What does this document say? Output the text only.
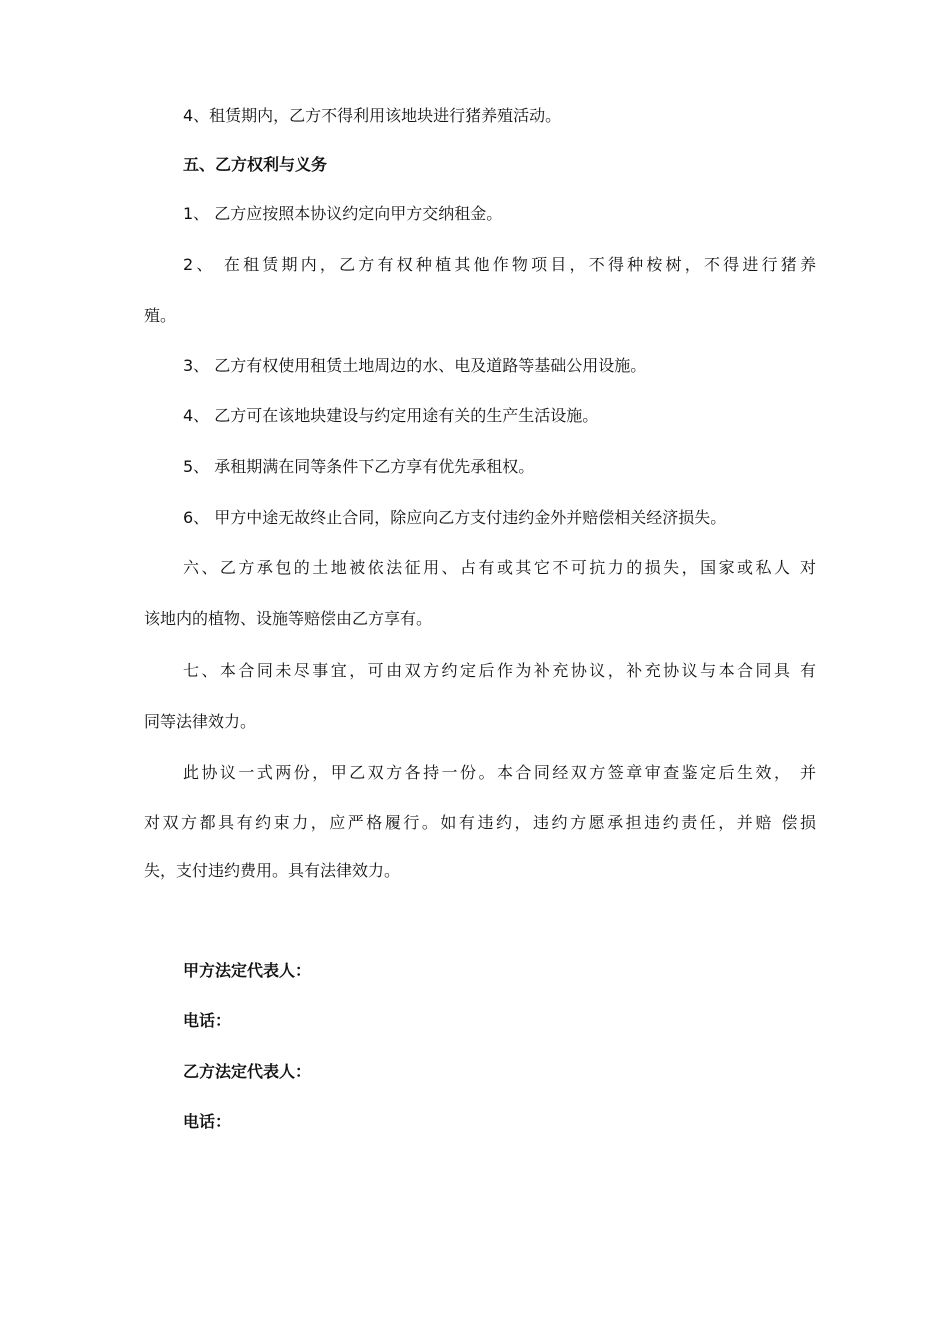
4、租赁期内，乙方不得利用该地块进行猪养殖活动。
五、乙方权利与义务
1、 乙方应按照本协议约定向甲方交纳租金。
2、 在租赁期内，乙方有权种植其他作物项目，不得种桉树，不得进行猪养
殖。
3、 乙方有权使用租赁土地周边的水、电及道路等基础公用设施。
4、 乙方可在该地块建设与约定用途有关的生产生活设施。
5、 承租期满在同等条件下乙方享有优先承租权。
6、 甲方中途无故终止合同，除应向乙方支付违约金外并赔偿相关经济损失。
六、乙方承包的土地被依法征用、占有或其它不可抗力的损失，国家或私人 对
该地内的植物、设施等赔偿由乙方享有。
七、本合同未尽事宜，可由双方约定后作为补充协议，补充协议与本合同具 有
同等法律效力。
此协议一式两份，甲乙双方各持一份。本合同经双方签章审查鉴定后生效， 并
对双方都具有约束力，应严格履行。如有违约，违约方愿承担违约责任，并赔 偿损
失，支付违约费用。具有法律效力。
甲方法定代表人：
电话：
乙方法定代表人：
电话：
